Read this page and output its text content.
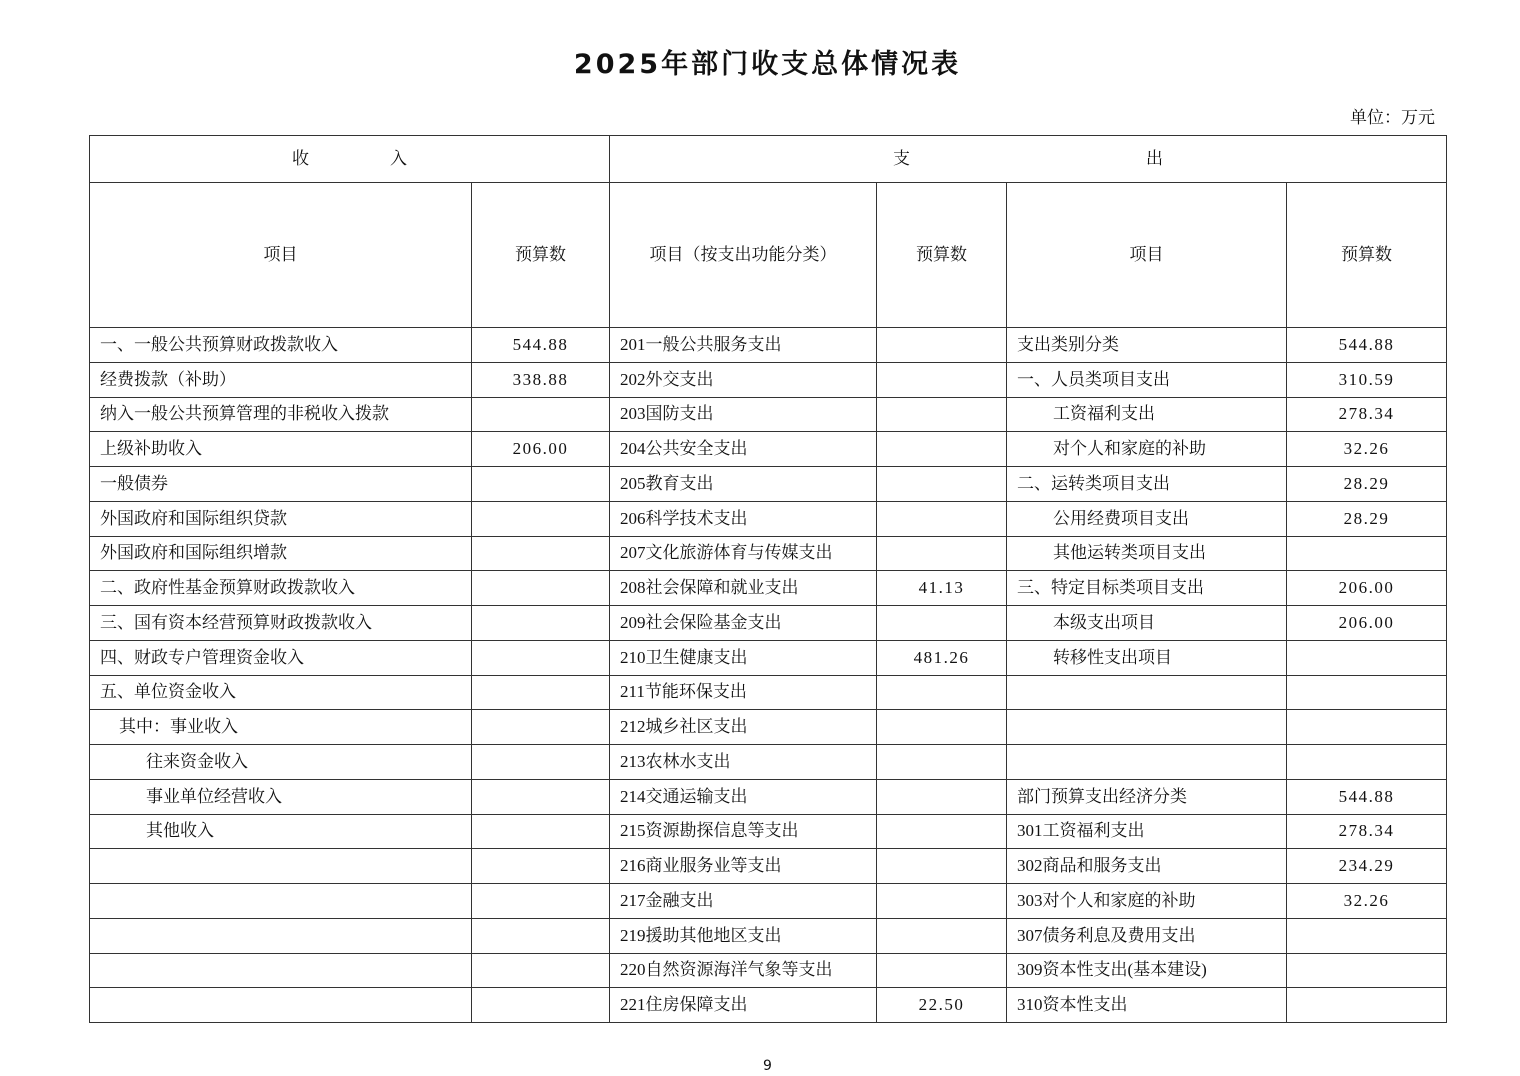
2025年部门收支总体情况表
单位：万元
收入		支出			
项目	预算数	项目（按支出功能分类）	预算数	项目	预算数
一、一般公共预算财政拨款收入	544.88	201一般公共服务支出		支出类别分类	544.88
经费拨款（补助）	338.88	202外交支出		一、人员类项目支出	310.59
纳入一般公共预算管理的非税收入拨款		203国防支出		工资福利支出	278.34
上级补助收入	206.00	204公共安全支出		对个人和家庭的补助	32.26
一般债券		205教育支出		二、运转类项目支出	28.29
外国政府和国际组织贷款		206科学技术支出		公用经费项目支出	28.29
外国政府和国际组织增款		207文化旅游体育与传媒支出		其他运转类项目支出	
二、政府性基金预算财政拨款收入		208社会保障和就业支出	41.13	三、特定目标类项目支出	206.00
三、国有资本经营预算财政拨款收入		209社会保险基金支出		本级支出项目	206.00
四、财政专户管理资金收入		210卫生健康支出	481.26	转移性支出项目	
五、单位资金收入		211节能环保支出			
其中：事业收入		212城乡社区支出			
往来资金收入		213农林水支出			
事业单位经营收入		214交通运输支出		部门预算支出经济分类	544.88
其他收入		215资源勘探信息等支出		301工资福利支出	278.34
		216商业服务业等支出		302商品和服务支出	234.29
		217金融支出		303对个人和家庭的补助	32.26
		219援助其他地区支出		307债务利息及费用支出	
		220自然资源海洋气象等支出		309资本性支出(基本建设)	
		221住房保障支出	22.50	310资本性支出	
9
